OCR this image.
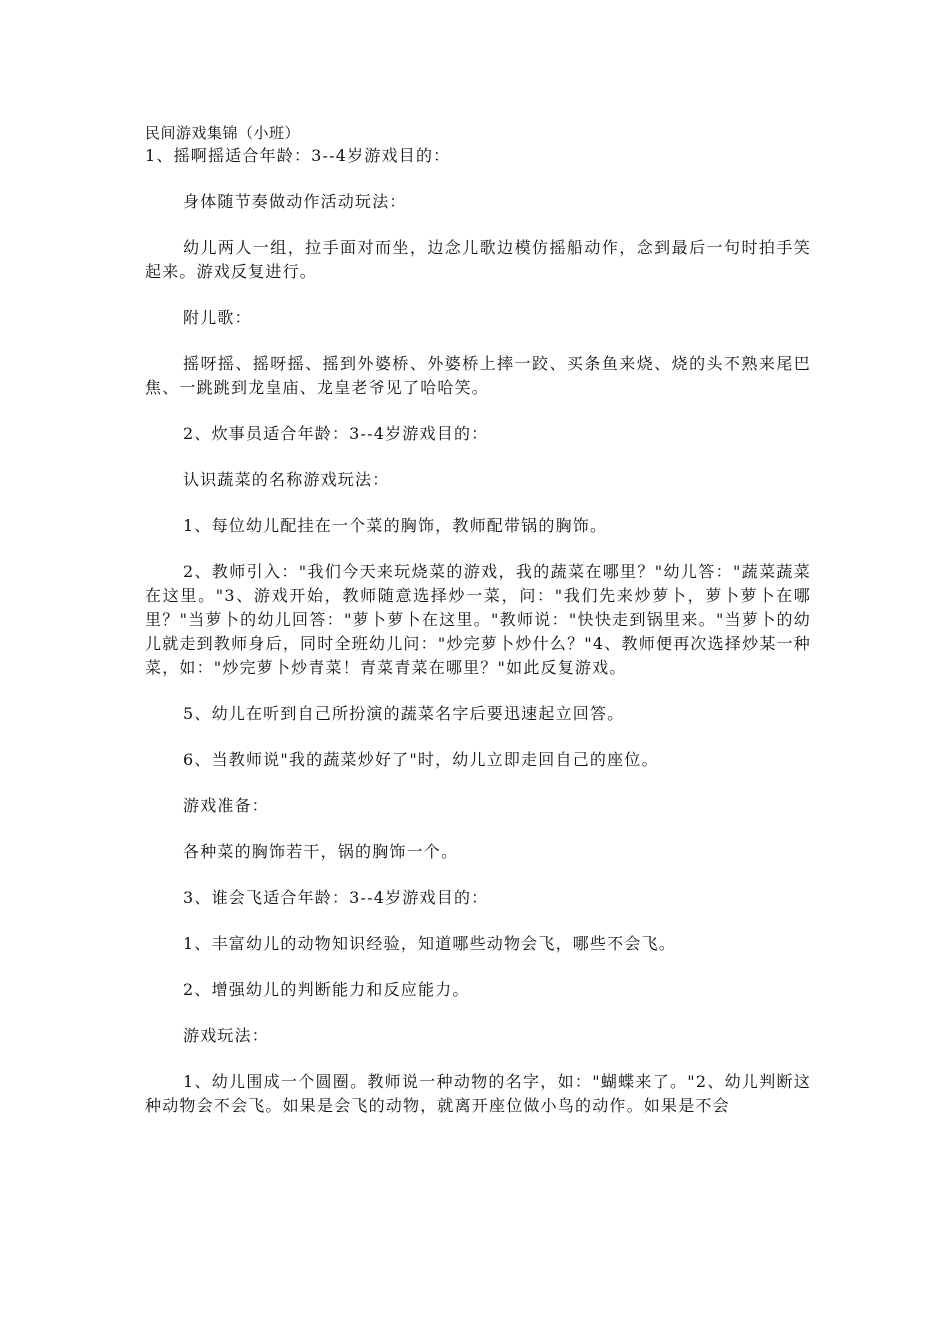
民间游戏集锦（小班）

1、摇啊摇适合年龄：3--4岁游戏目的：

身体随节奏做动作活动玩法：

幼儿两人一组，拉手面对而坐，边念儿歌边模仿摇船动作，念到最后一句时拍手笑起来。游戏反复进行。

附儿歌：

摇呀摇、摇呀摇、摇到外婆桥、外婆桥上摔一跤、买条鱼来烧、烧的头不熟来尾巴焦、一跳跳到龙皇庙、龙皇老爷见了哈哈笑。

2、炊事员适合年龄：3--4岁游戏目的：

认识蔬菜的名称游戏玩法：

1、每位幼儿配挂在一个菜的胸饰，教师配带锅的胸饰。

2、教师引入："我们今天来玩烧菜的游戏，我的蔬菜在哪里？"幼儿答："蔬菜蔬菜在这里。"3、游戏开始，教师随意选择炒一菜，问："我们先来炒萝卜，萝卜萝卜在哪里？"当萝卜的幼儿回答："萝卜萝卜在这里。"教师说："快快走到锅里来。"当萝卜的幼儿就走到教师身后，同时全班幼儿问："炒完萝卜炒什么？"4、教师便再次选择炒某一种菜，如："炒完萝卜炒青菜！青菜青菜在哪里？"如此反复游戏。

5、幼儿在听到自己所扮演的蔬菜名字后要迅速起立回答。

6、当教师说"我的蔬菜炒好了"时，幼儿立即走回自己的座位。

游戏准备：

各种菜的胸饰若干，锅的胸饰一个。

3、谁会飞适合年龄：3--4岁游戏目的：

1、丰富幼儿的动物知识经验，知道哪些动物会飞，哪些不会飞。

2、增强幼儿的判断能力和反应能力。

游戏玩法：

1、幼儿围成一个圆圈。教师说一种动物的名字，如："蝴蝶来了。"2、幼儿判断这种动物会不会飞。如果是会飞的动物，就离开座位做小鸟的动作。如果是不会
